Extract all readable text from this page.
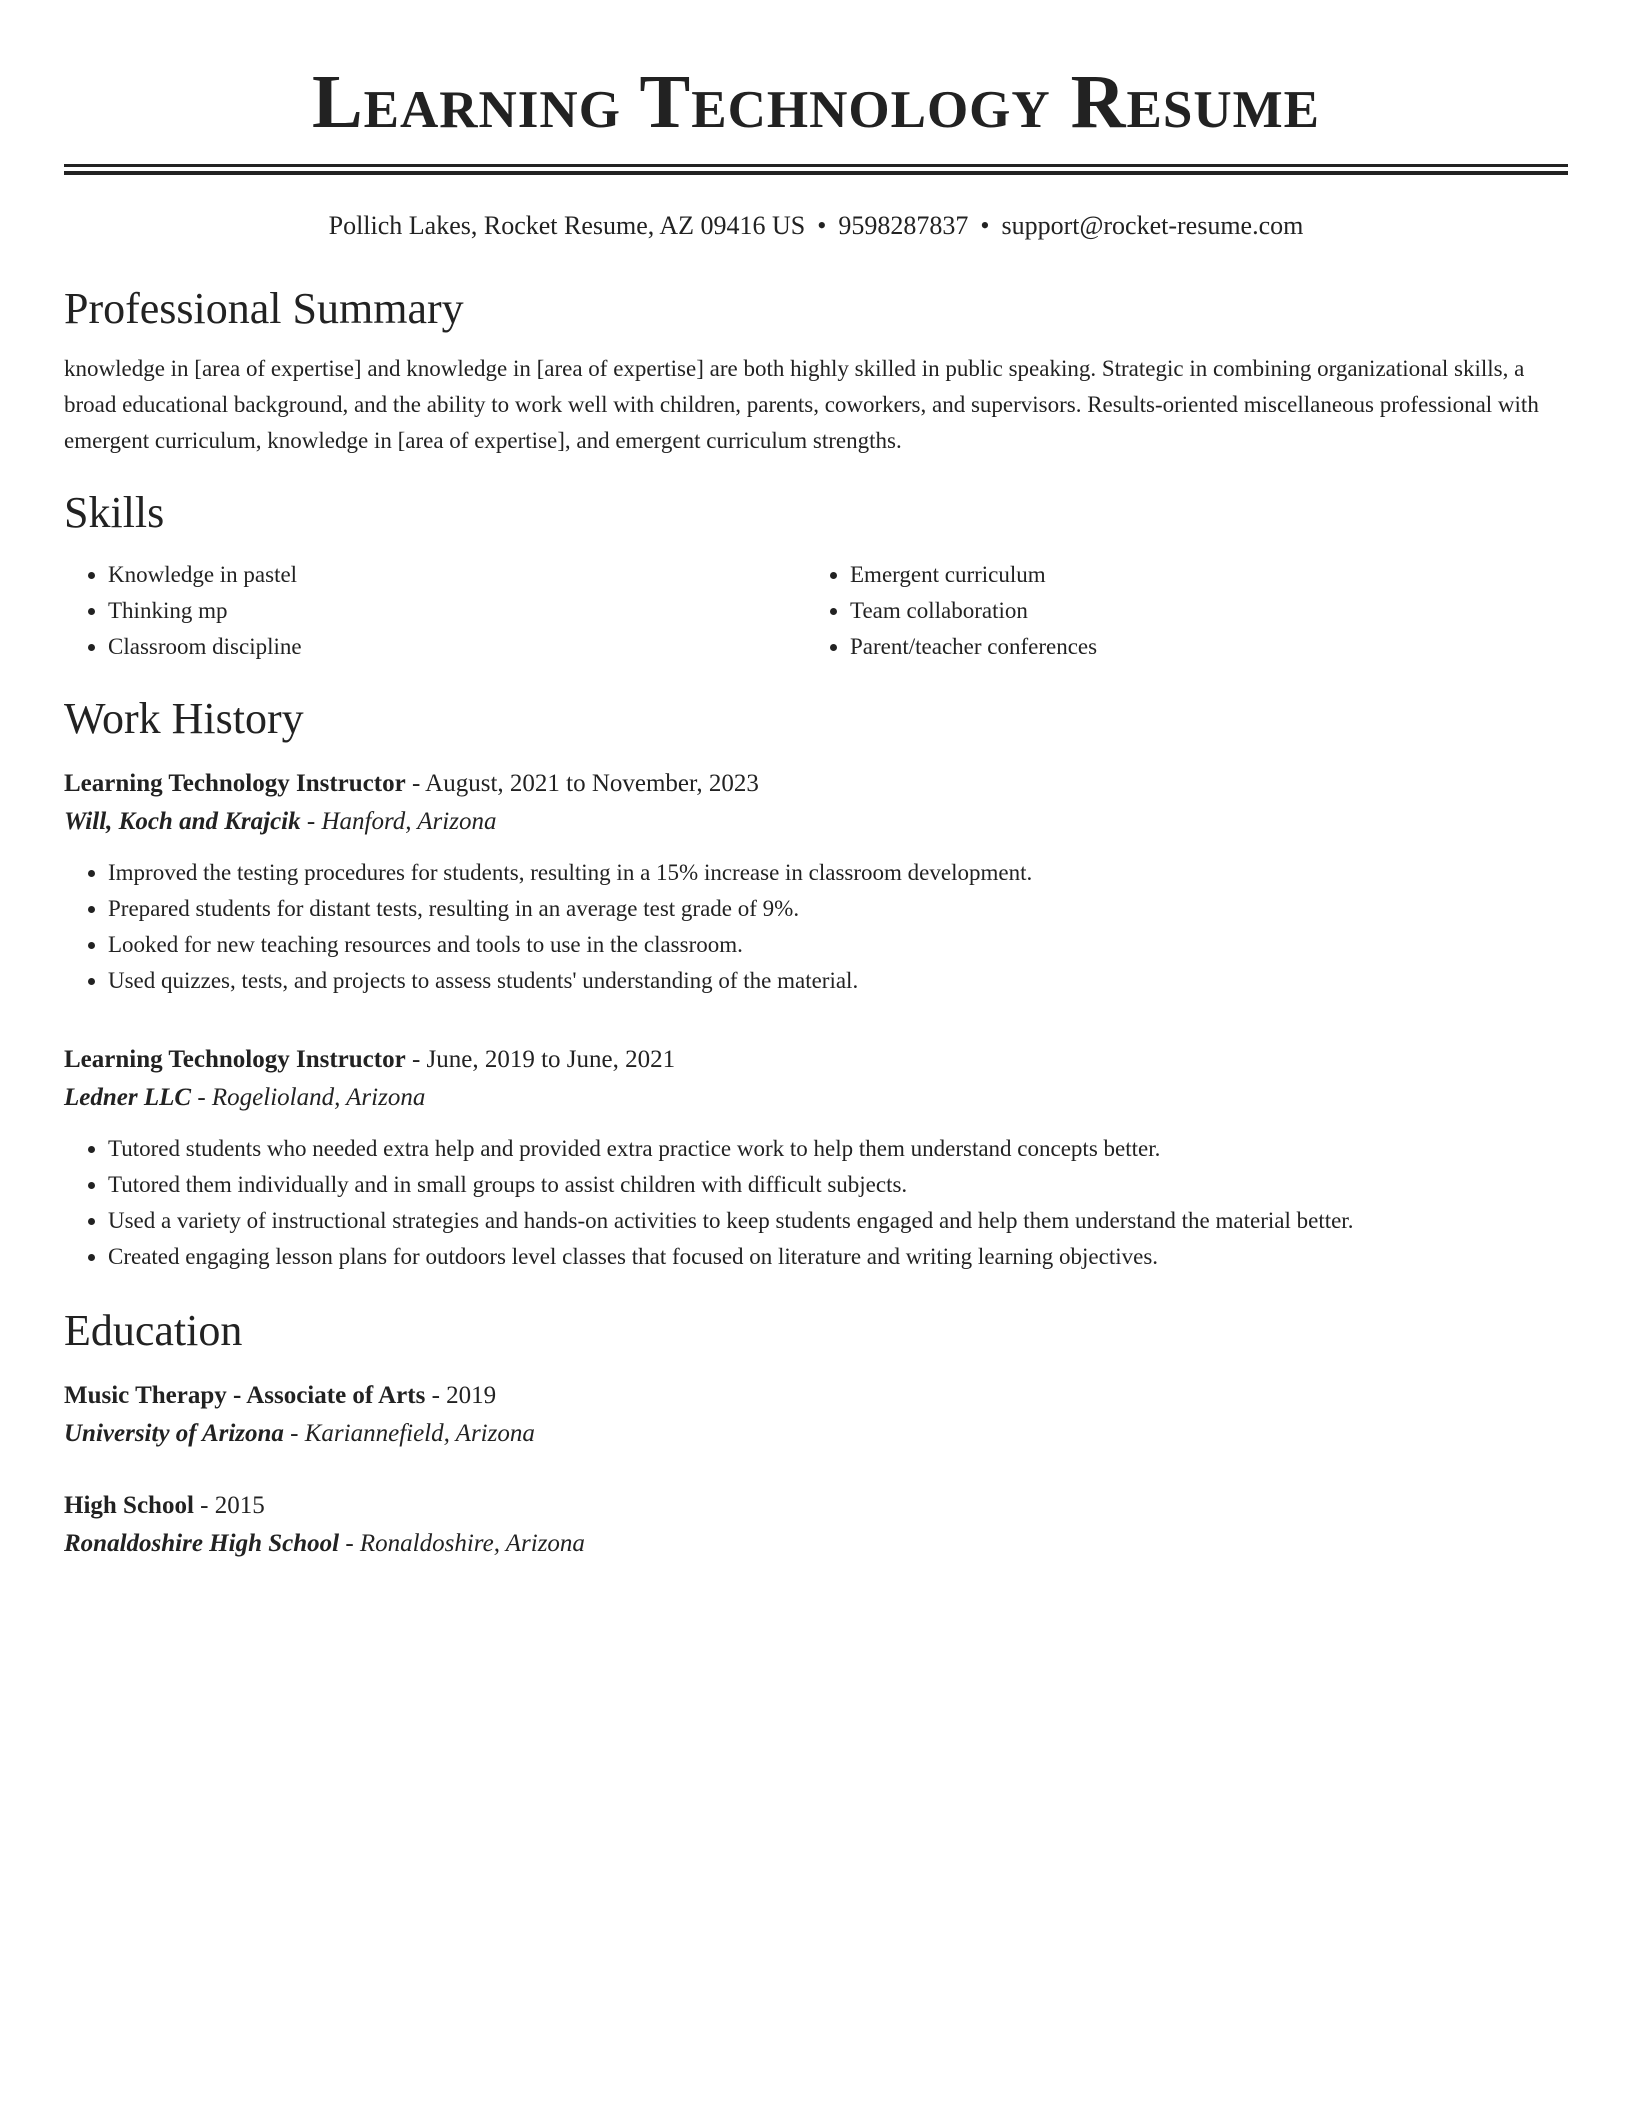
Learning Technology Resume
Pollich Lakes, Rocket Resume, AZ 09416 US • 9598287837 • support@rocket-resume.com
Professional Summary
knowledge in [area of expertise] and knowledge in [area of expertise] are both highly skilled in public speaking. Strategic in combining organizational skills, a broad educational background, and the ability to work well with children, parents, coworkers, and supervisors. Results-oriented miscellaneous professional with emergent curriculum, knowledge in [area of expertise], and emergent curriculum strengths.
Skills
• Knowledge in pastel
• Thinking mp
• Classroom discipline
• Emergent curriculum
• Team collaboration
• Parent/teacher conferences
Work History
Learning Technology Instructor - August, 2021 to November, 2023
Will, Koch and Krajcik - Hanford, Arizona
• Improved the testing procedures for students, resulting in a 15% increase in classroom development.
• Prepared students for distant tests, resulting in an average test grade of 9%.
• Looked for new teaching resources and tools to use in the classroom.
• Used quizzes, tests, and projects to assess students' understanding of the material.
Learning Technology Instructor - June, 2019 to June, 2021
Ledner LLC - Rogelioland, Arizona
• Tutored students who needed extra help and provided extra practice work to help them understand concepts better.
• Tutored them individually and in small groups to assist children with difficult subjects.
• Used a variety of instructional strategies and hands-on activities to keep students engaged and help them understand the material better.
• Created engaging lesson plans for outdoors level classes that focused on literature and writing learning objectives.
Education
Music Therapy - Associate of Arts - 2019
University of Arizona - Kariannefield, Arizona
High School - 2015
Ronaldoshire High School - Ronaldoshire, Arizona
